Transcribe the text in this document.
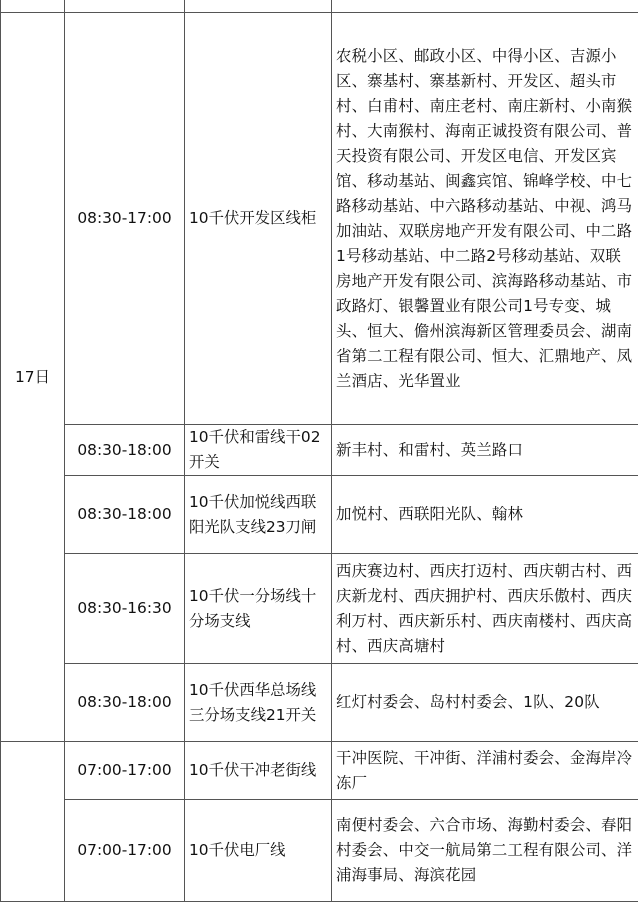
17日	08:30-17:00	10千伏开发区线柜	农税小区、邮政小区、中得小区、吉源小区、寨基村、寨基新村、开发区、超头市村、白甫村、南庄老村、南庄新村、小南猴村、大南猴村、海南正诚投资有限公司、普天投资有限公司、开发区电信、开发区宾馆、移动基站、闽鑫宾馆、锦峰学校、中七路移动基站、中六路移动基站、中视、鸿马加油站、双联房地产开发有限公司、中二路1号移动基站、中二路2号移动基站、双联房地产开发有限公司、滨海路移动基站、市政路灯、银馨置业有限公司1号专变、城头、恒大、儋州滨海新区管理委员会、湖南省第二工程有限公司、恒大、汇鼎地产、凤兰酒店、光华置业
	08:30-18:00	10千伏和雷线干02开关	新丰村、和雷村、英兰路口
	08:30-18:00	10千伏加悦线西联阳光队支线23刀闸	加悦村、西联阳光队、翰林
	08:30-16:30	10千伏一分场线十分场支线	西庆赛边村、西庆打迈村、西庆朝古村、西庆新龙村、西庆拥护村、西庆乐傲村、西庆利万村、西庆新乐村、西庆南楼村、西庆高村、西庆高塘村
	08:30-18:00	10千伏西华总场线三分场支线21开关	红灯村委会、岛村村委会、1队、20队
	07:00-17:00	10千伏干冲老街线	干冲医院、干冲街、洋浦村委会、金海岸冷冻厂
	07:00-17:00	10千伏电厂线	南便村委会、六合市场、海勤村委会、春阳村委会、中交一航局第二工程有限公司、洋浦海事局、海滨花园
